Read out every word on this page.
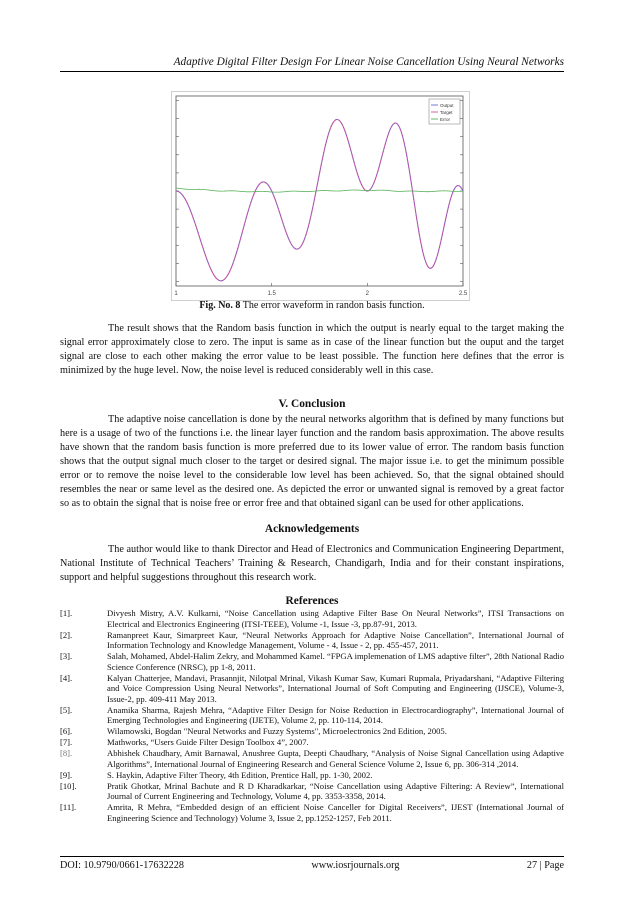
Adaptive Digital Filter Design For Linear Noise Cancellation Using Neural Networks
1	1.5	2	2.5
Output
Target
Error
Fig. No. 8 The error waveform in randon basis function.

The result shows that the Random basis function in which the output is nearly equal to the target making the signal error approximately close to zero. The input is same as in case of the linear function but the ouput and the target signal are close to each other making the error value to be least possible. The function here defines that the error is minimized by the huge level. Now, the noise level is reduced considerably well in this case.

V. Conclusion

The adaptive noise cancellation is done by the neural networks algorithm that is defined by many functions but here is a usage of two of the functions i.e. the linear layer function and the random basis approximation. The above results have shown that the random basis function is more preferred due to its lower value of error. The random basis function shows that the output signal much closer to the target or desired signal. The major issue i.e. to get the minimum possible error or to remove the noise level to the considerable low level has been achieved. So, that the signal obtained should resembles the near or same level as the desired one. As depicted the error or unwanted signal is removed by a great factor so as to obtain the signal that is noise free or error free and that obtained siganl can be used for other applications.

Acknowledgements

The author would like to thank Director and Head of Electronics and Communication Engineering Department, National Institute of Technical Teachers’ Training & Research, Chandigarh, India and for their constant inspirations, support and helpful suggestions throughout this research work.

References
[1].	Divyesh Mistry, A.V. Kulkarni, “Noise Cancellation using Adaptive Filter Base On Neural Networks”, ITSI Transactions on Electrical and Electronics Engineering (ITSI-TEEE), Volume -1, Issue -3, pp.87-91, 2013.
[2].	Ramanpreet Kaur, Simarpreet Kaur, “Neural Networks Approach for Adaptive Noise Cancellation”, International Journal of Information Technology and Knowledge Management, Volume - 4, Issue - 2, pp. 455-457, 2011.
[3].	Salah, Mohamed, Abdel-Halim Zekry, and Mohammed Kamel. “FPGA implemenation of LMS adaptive filter”, 28th National Radio Science Conference (NRSC), pp 1-8, 2011.
[4].	Kalyan Chatterjee, Mandavi, Prasannjit, Nilotpal Mrinal, Vikash Kumar Saw, Kumari Rupmala, Priyadarshani, “Adaptive Filtering and Voice Compression Using Neural Networks”, International Journal of Soft Computing and Engineering (IJSCE), Volume-3, Issue-2, pp. 409-411 May 2013.
[5].	Anamika Sharma, Rajesh Mehra, “Adaptive Filter Design for Noise Reduction in Electrocardiography”, International Journal of Emerging Technologies and Engineering (IJETE), Volume 2, pp. 110-114, 2014.
[6].	Wilamowski, Bogdan "Neural Networks and Fuzzy Systems", Microelectronics 2nd Edition, 2005.
[7].	Mathworks, “Users Guide Filter Design Toolbox 4”, 2007.
[8].	Abhishek Chaudhary, Amit Barnawal, Anushree Gupta, Deepti Chaudhary, “Analysis of Noise Signal Cancellation using Adaptive Algorithms”, International Journal of Engineering Research and General Science Volume 2, Issue 6, pp. 306-314 ,2014.
[9].	S. Haykin, Adaptive Filter Theory, 4th Edition, Prentice Hall, pp. 1-30, 2002.
[10].	Pratik Ghotkar, Mrinal Bachute and R D Kharadkarkar, “Noise Cancellation using Adaptive Filtering: A Review”, International Journal of Current Engineering and Technology, Volume 4, pp. 3353-3358, 2014.
[11].	Amrita, R Mehra, “Embedded design of an efficient Noise Canceller for Digital Receivers”, IJEST (International Journal of Engineering Science and Technology) Volume 3, Issue 2, pp.1252-1257, Feb 2011.
DOI: 10.9790/0661-17632228	www.iosrjournals.org	27 | Page
